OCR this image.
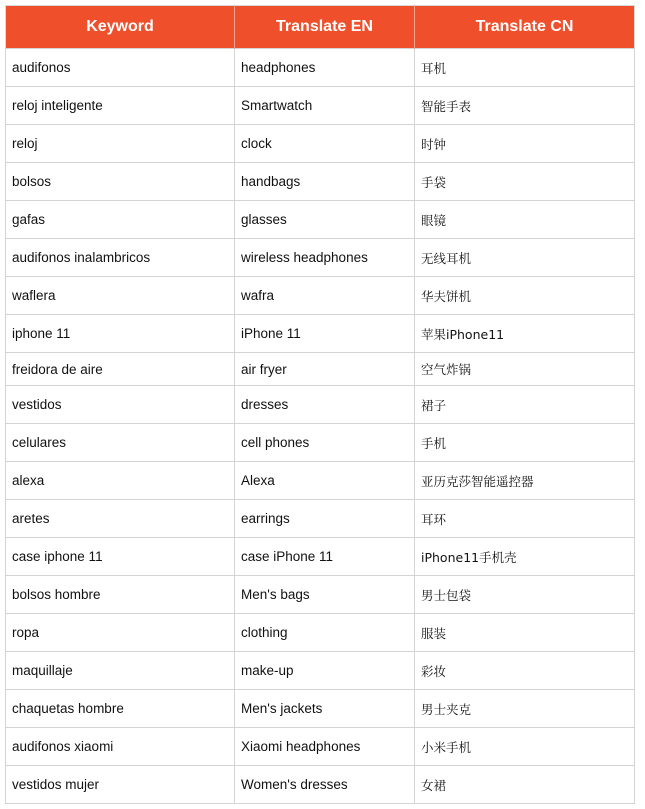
Keyword	Translate EN	Translate CN
audifonos	headphones	耳机
reloj inteligente	Smartwatch	智能手表
reloj	clock	时钟
bolsos	handbags	手袋
gafas	glasses	眼镜
audifonos inalambricos	wireless headphones	无线耳机
waflera	wafra	华夫饼机
iphone 11	iPhone 11	苹果iPhone11
freidora de aire	air fryer	空气炸锅
vestidos	dresses	裙子
celulares	cell phones	手机
alexa	Alexa	亚历克莎智能遥控器
aretes	earrings	耳环
case iphone 11	case iPhone 11	iPhone11手机壳
bolsos hombre	Men's bags	男士包袋
ropa	clothing	服装
maquillaje	make-up	彩妆
chaquetas hombre	Men's jackets	男士夹克
audifonos xiaomi	Xiaomi headphones	小米手机
vestidos mujer	Women's dresses	女裙
